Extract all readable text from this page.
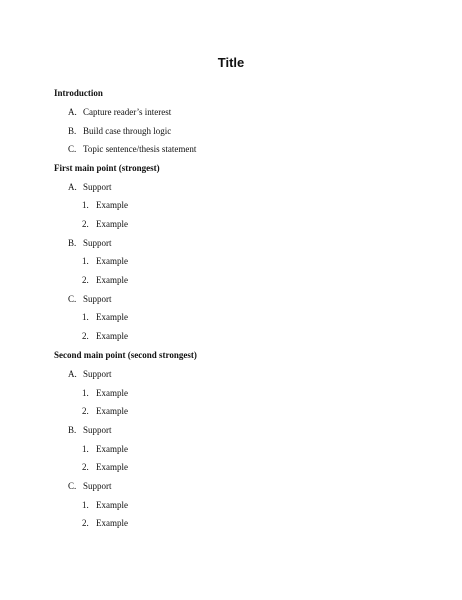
Title
Introduction
A. Capture reader’s interest
B. Build case through logic
C. Topic sentence/thesis statement
First main point (strongest)
A. Support
1. Example
2. Example
B. Support
1. Example
2. Example
C. Support
1. Example
2. Example
Second main point (second strongest)
A. Support
1. Example
2. Example
B. Support
1. Example
2. Example
C. Support
1. Example
2. Example
